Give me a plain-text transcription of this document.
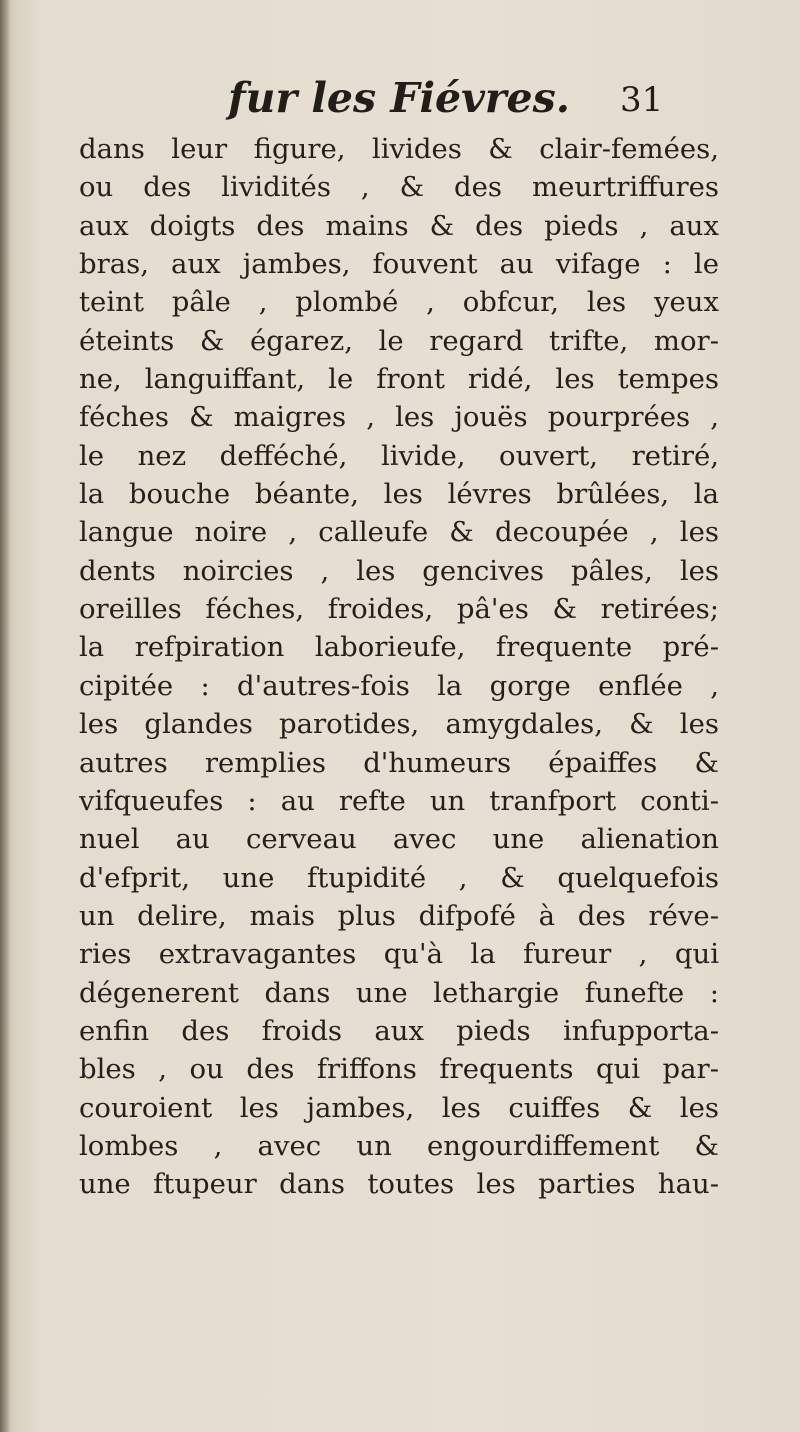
fur les Fiévres. 31
dans leur figure, livides & clair-femées,
ou des lividités , & des meurtriffures
aux doigts des mains & des pieds , aux
bras, aux jambes, fouvent au vifage : le
teint pâle , plombé , obfcur, les yeux
éteints & égarez, le regard trifte, mor-
ne, languiffant, le front ridé, les tempes
féches & maigres , les jouës pourprées ,
le nez defféché, livide, ouvert, retiré,
la bouche béante, les lévres brûlées, la
langue noire , calleufe & decoupée , les
dents noircies , les gencives pâles, les
oreilles féches, froides, pâ'es & retirées;
la refpiration laborieufe, frequente pré-
cipitée : d'autres-fois la gorge enflée ,
les glandes parotides, amygdales, & les
autres remplies d'humeurs épaiffes &
vifqueufes : au refte un tranfport conti-
nuel au cerveau avec une alienation
d'efprit, une ftupidité , & quelquefois
un delire, mais plus difpofé à des réve-
ries extravagantes qu'à la fureur , qui
dégenerent dans une lethargie funefte :
enfin des froids aux pieds infupporta-
bles , ou des friffons frequents qui par-
couroient les jambes, les cuiffes & les
lombes , avec un engourdiffement &
une ftupeur dans toutes les parties hau-
